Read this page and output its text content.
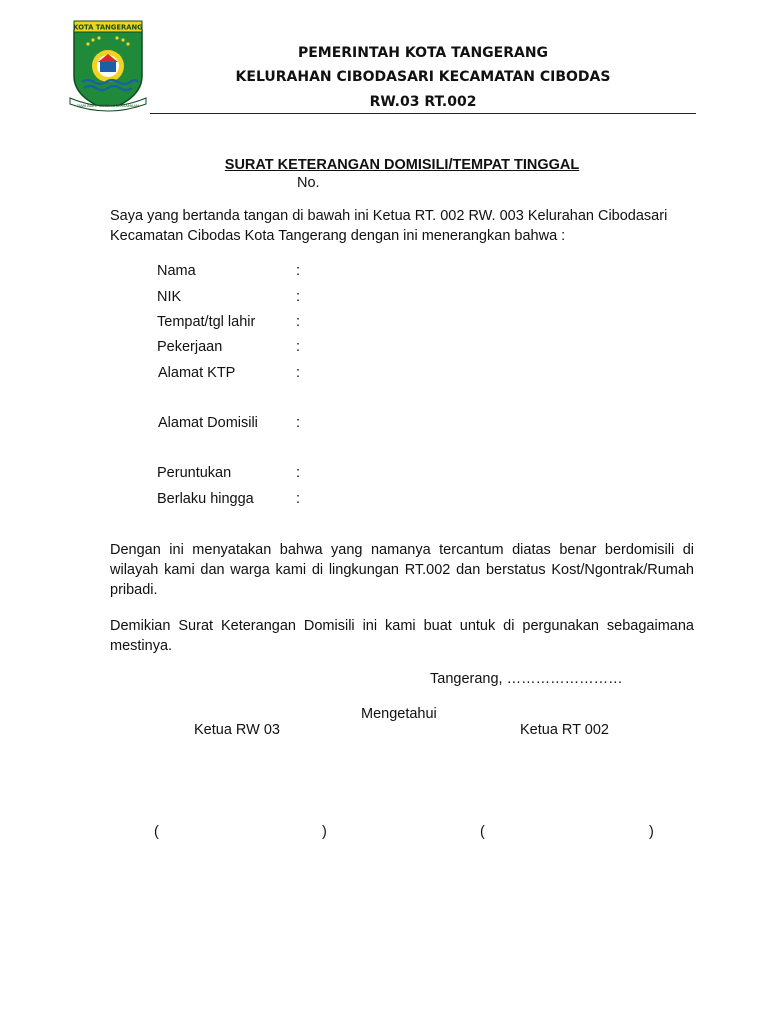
KOTA TANGERANG
DARI BAKTI KARYA KEBERSAMAAN
PEMERINTAH KOTA TANGERANG
KELURAHAN CIBODASARI KECAMATAN CIBODAS
RW.03 RT.002
SURAT KETERANGAN DOMISILI/TEMPAT TINGGAL
No.
Saya yang bertanda tangan di bawah ini Ketua RT. 002 RW. 003 Kelurahan Cibodasari Kecamatan Cibodas Kota Tangerang dengan ini menerangkan bahwa :
Nama	:
NIK	:
Tempat/tgl lahir	:
Pekerjaan	:
Alamat KTP	:
Alamat Domisili	:
Peruntukan	:
Berlaku hingga	:
Dengan ini menyatakan bahwa yang namanya tercantum diatas benar berdomisili di wilayah kami dan warga kami di lingkungan RT.002 dan berstatus Kost/Ngontrak/Rumah pribadi.
Demikian Surat Keterangan Domisili ini kami buat untuk di pergunakan sebagaimana mestinya.
Tangerang, ……………………
Mengetahui
Ketua RW 03	Ketua RT 002
(	)	(	)
